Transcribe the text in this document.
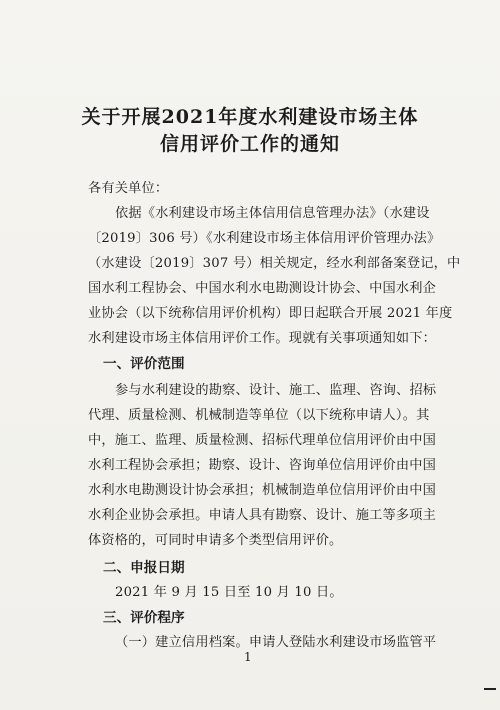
关于开展2021年度水利建设市场主体
信用评价工作的通知
各有关单位：
依据《水利建设市场主体信用信息管理办法》（水建设
〔2019〕306 号）《水利建设市场主体信用评价管理办法》
（水建设〔2019〕307 号）相关规定，经水利部备案登记，中
国水利工程协会、中国水利水电勘测设计协会、中国水利企
业协会（以下统称信用评价机构）即日起联合开展 2021 年度
水利建设市场主体信用评价工作。现就有关事项通知如下：
一、评价范围
参与水利建设的勘察、设计、施工、监理、咨询、招标
代理、质量检测、机械制造等单位（以下统称申请人）。其
中，施工、监理、质量检测、招标代理单位信用评价由中国
水利工程协会承担；勘察、设计、咨询单位信用评价由中国
水利水电勘测设计协会承担；机械制造单位信用评价由中国
水利企业协会承担。申请人具有勘察、设计、施工等多项主
体资格的，可同时申请多个类型信用评价。
二、申报日期
2021 年 9 月 15 日至 10 月 10 日。
三、评价程序
（一）建立信用档案。申请人登陆水利建设市场监管平
1
